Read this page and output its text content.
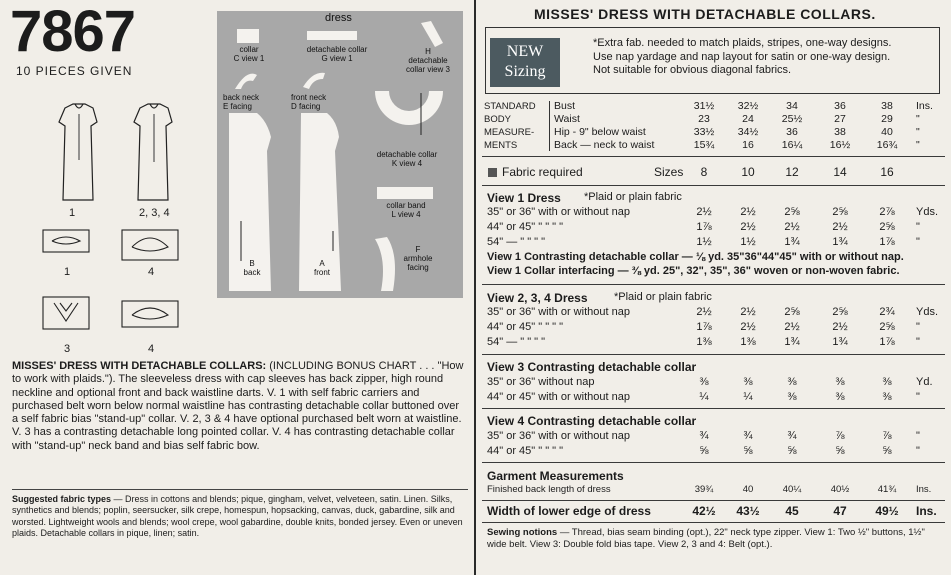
7867
10 PIECES GIVEN
1	2, 3, 4
1	4
3	4
dress
collar
C view 1
detachable collar
G view 1
H
detachable
collar view 3
back neck
E facing
front neck
D facing
detachable collar
K view 4
collar band
L view 4
F
armhole
facing
B
back
A
front
MISSES' DRESS WITH DETACHABLE COLLARS: (INCLUDING BONUS CHART . . . "How to work with plaids."). The sleeveless dress with cap sleeves has back zipper, high round neckline and optional front and back waistline darts. V. 1 with self fabric carriers and purchased belt worn below normal waistline has contrasting detachable collar buttoned over a self fabric bias "stand-up" collar. V. 2, 3 & 4 have optional purchased belt worn at waistline. V. 3 has a contrasting detachable long pointed collar. V. 4 has contrasting detachable collar with "stand-up" neck band and bias self fabric bow.
Suggested fabric types — Dress in cottons and blends; pique, gingham, velvet, velveteen, satin. Linen. Silks, synthetics and blends; poplin, seersucker, silk crepe, homespun, hopsacking, canvas, duck, gabardine, silk and worsted. Lightweight wools and blends; wool crepe, wool gabardine, double knits, bonded jersey. Even or uneven plaids. Detachable collars in pique, linen; satin.
MISSES' DRESS WITH DETACHABLE COLLARS.
NEW
Sizing
*Extra fab. needed to match plaids, stripes, one-way designs.
Use nap yardage and nap layout for satin or one-way design.
Not suitable for obvious diagonal fabrics.
STANDARD
BODY
MEASURE-
MENTS
Bust	31½	32½	34	36	38	Ins.
Waist	23	24	25½	27	29	"
Hip - 9" below waist	33½	34½	36	38	40	"
Back — neck to waist	15¾	16	16¼	16½	16¾	"
Fabric required	Sizes	8	10	12	14	16
View 1 Dress *Plaid or plain fabric
35" or 36" with or without nap	2½	2½	2⅝	2⅝	2⅞	Yds.
44" or 45" " " " "	1⅞	2½	2½	2½	2⅝	"
54" — " " " "	1½	1½	1¾	1¾	1⅞	"
View 1 Contrasting detachable collar — ⅛ yd. 35"36"44"45" with or without nap.
View 1 Collar interfacing — ⅜ yd. 25", 32", 35", 36" woven or non-woven fabric.
View 2, 3, 4 Dress *Plaid or plain fabric
35" or 36" with or without nap	2½	2½	2⅝	2⅝	2¾	Yds.
44" or 45" " " " "	1⅞	2½	2½	2½	2⅝	"
54" — " " " "	1⅜	1⅜	1¾	1¾	1⅞	"
View 3 Contrasting detachable collar
35" or 36" without nap	⅜	⅜	⅜	⅜	⅜	Yd.
44" or 45" with or without nap	¼	¼	⅜	⅜	⅜	"
View 4 Contrasting detachable collar
35" or 36" with or without nap	¾	¾	¾	⅞	⅞	"
44" or 45" " " " "	⅝	⅝	⅝	⅝	⅝	"
Garment Measurements
Finished back length of dress	39¾	40	40¼	40½	41¾	Ins.
Width of lower edge of dress	42½	43½	45	47	49½	Ins.
Sewing notions — Thread, bias seam binding (opt.), 22" neck type zipper. View 1: Two ½" buttons, 1½" wide belt. View 3: Double fold bias tape. View 2, 3 and 4: Belt (opt.).
